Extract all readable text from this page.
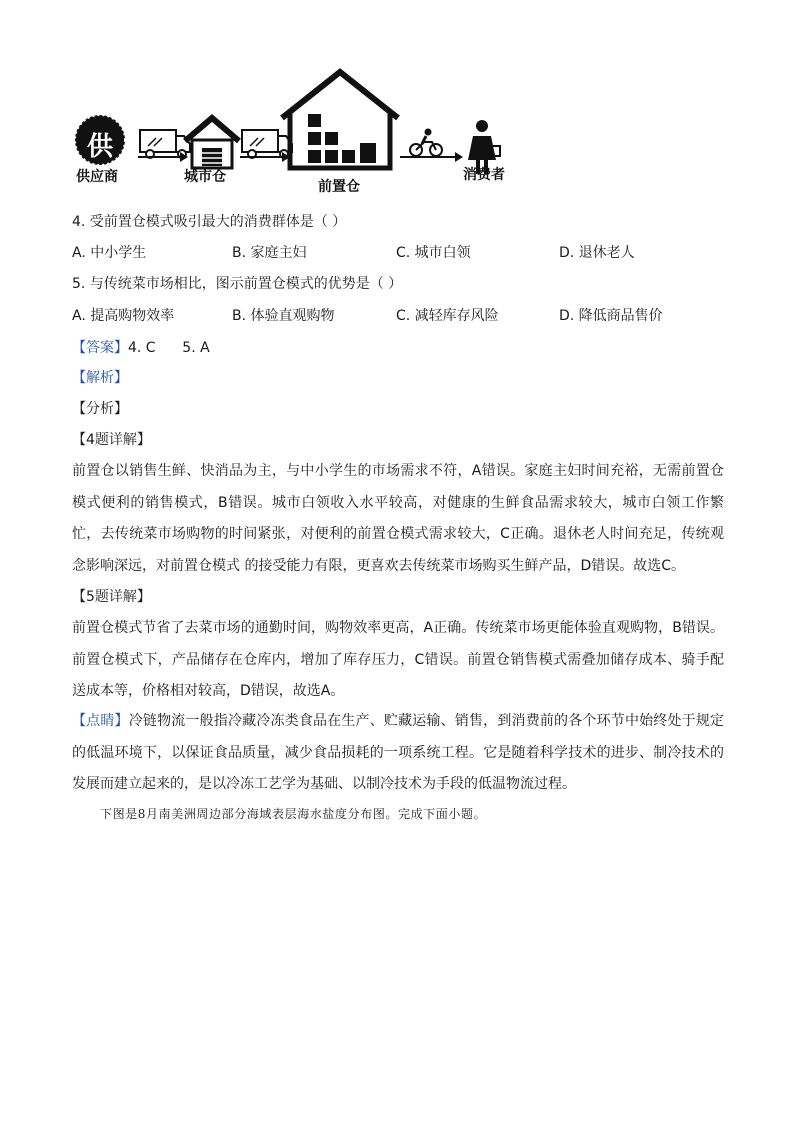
供
供应商	城市仓
前置仓
消费者
4. 受前置仓模式吸引最大的消费群体是（ ）
A. 中小学生	B. 家庭主妇	C. 城市白领	D. 退休老人
5. 与传统菜市场相比，图示前置仓模式的优势是（ ）
A. 提高购物效率	B. 体验直观购物	C. 减轻库存风险	D. 降低商品售价
【答案】4. C      5. A
【解析】
【分析】
【4题详解】

前置仓以销售生鲜、快消品为主，与中小学生的市场需求不符，A错误。家庭主妇时间充裕，无需前置仓模式便利的销售模式，B错误。城市白领收入水平较高，对健康的生鲜食品需求较大，城市白领工作繁忙，去传统菜市场购物的时间紧张，对便利的前置仓模式需求较大，C正确。退休老人时间充足，传统观念影响深远，对前置仓模式 的接受能力有限，更喜欢去传统菜市场购买生鲜产品，D错误。故选C。

【5题详解】

前置仓模式节省了去菜市场的通勤时间，购物效率更高，A正确。传统菜市场更能体验直观购物，B错误。前置仓模式下，产品储存在仓库内，增加了库存压力，C错误。前置仓销售模式需叠加储存成本、骑手配送成本等，价格相对较高，D错误，故选A。

【点睛】冷链物流一般指冷藏冷冻类食品在生产、贮藏运输、销售，到消费前的各个环节中始终处于规定的低温环境下，以保证食品质量，减少食品损耗的一项系统工程。它是随着科学技术的进步、制冷技术的发展而建立起来的，是以冷冻工艺学为基础、以制冷技术为手段的低温物流过程。

下图是8月南美洲周边部分海域表层海水盐度分布图。完成下面小题。
